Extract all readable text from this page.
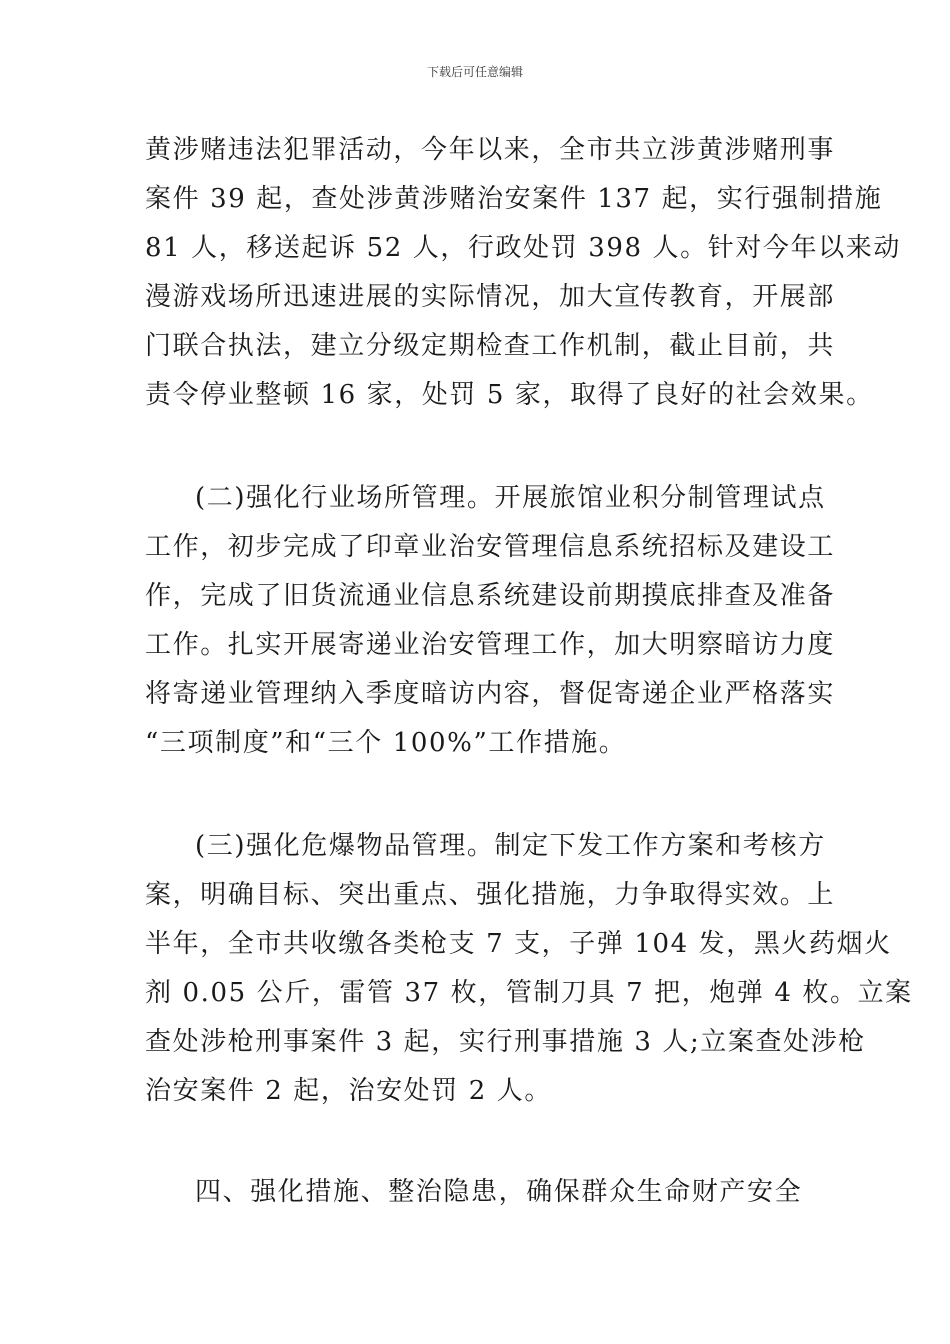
下载后可任意编辑
黄涉赌违法犯罪活动，今年以来，全市共立涉黄涉赌刑事
案件 39 起，查处涉黄涉赌治安案件 137 起，实行强制措施
81 人，移送起诉 52 人，行政处罚 398 人。针对今年以来动
漫游戏场所迅速进展的实际情况，加大宣传教育，开展部
门联合执法，建立分级定期检查工作机制，截止目前，共
责令停业整顿 16 家，处罚 5 家，取得了良好的社会效果。
(二)强化行业场所管理。开展旅馆业积分制管理试点
工作，初步完成了印章业治安管理信息系统招标及建设工
作，完成了旧货流通业信息系统建设前期摸底排查及准备
工作。扎实开展寄递业治安管理工作，加大明察暗访力度
将寄递业管理纳入季度暗访内容，督促寄递企业严格落实
“三项制度”和“三个 100%”工作措施。
(三)强化危爆物品管理。制定下发工作方案和考核方
案，明确目标、突出重点、强化措施，力争取得实效。上
半年，全市共收缴各类枪支 7 支，子弹 104 发，黑火药烟火
剂 0.05 公斤，雷管 37 枚，管制刀具 7 把，炮弹 4 枚。立案
查处涉枪刑事案件 3 起，实行刑事措施 3 人;立案查处涉枪
治安案件 2 起，治安处罚 2 人。
四、强化措施、整治隐患，确保群众生命财产安全
